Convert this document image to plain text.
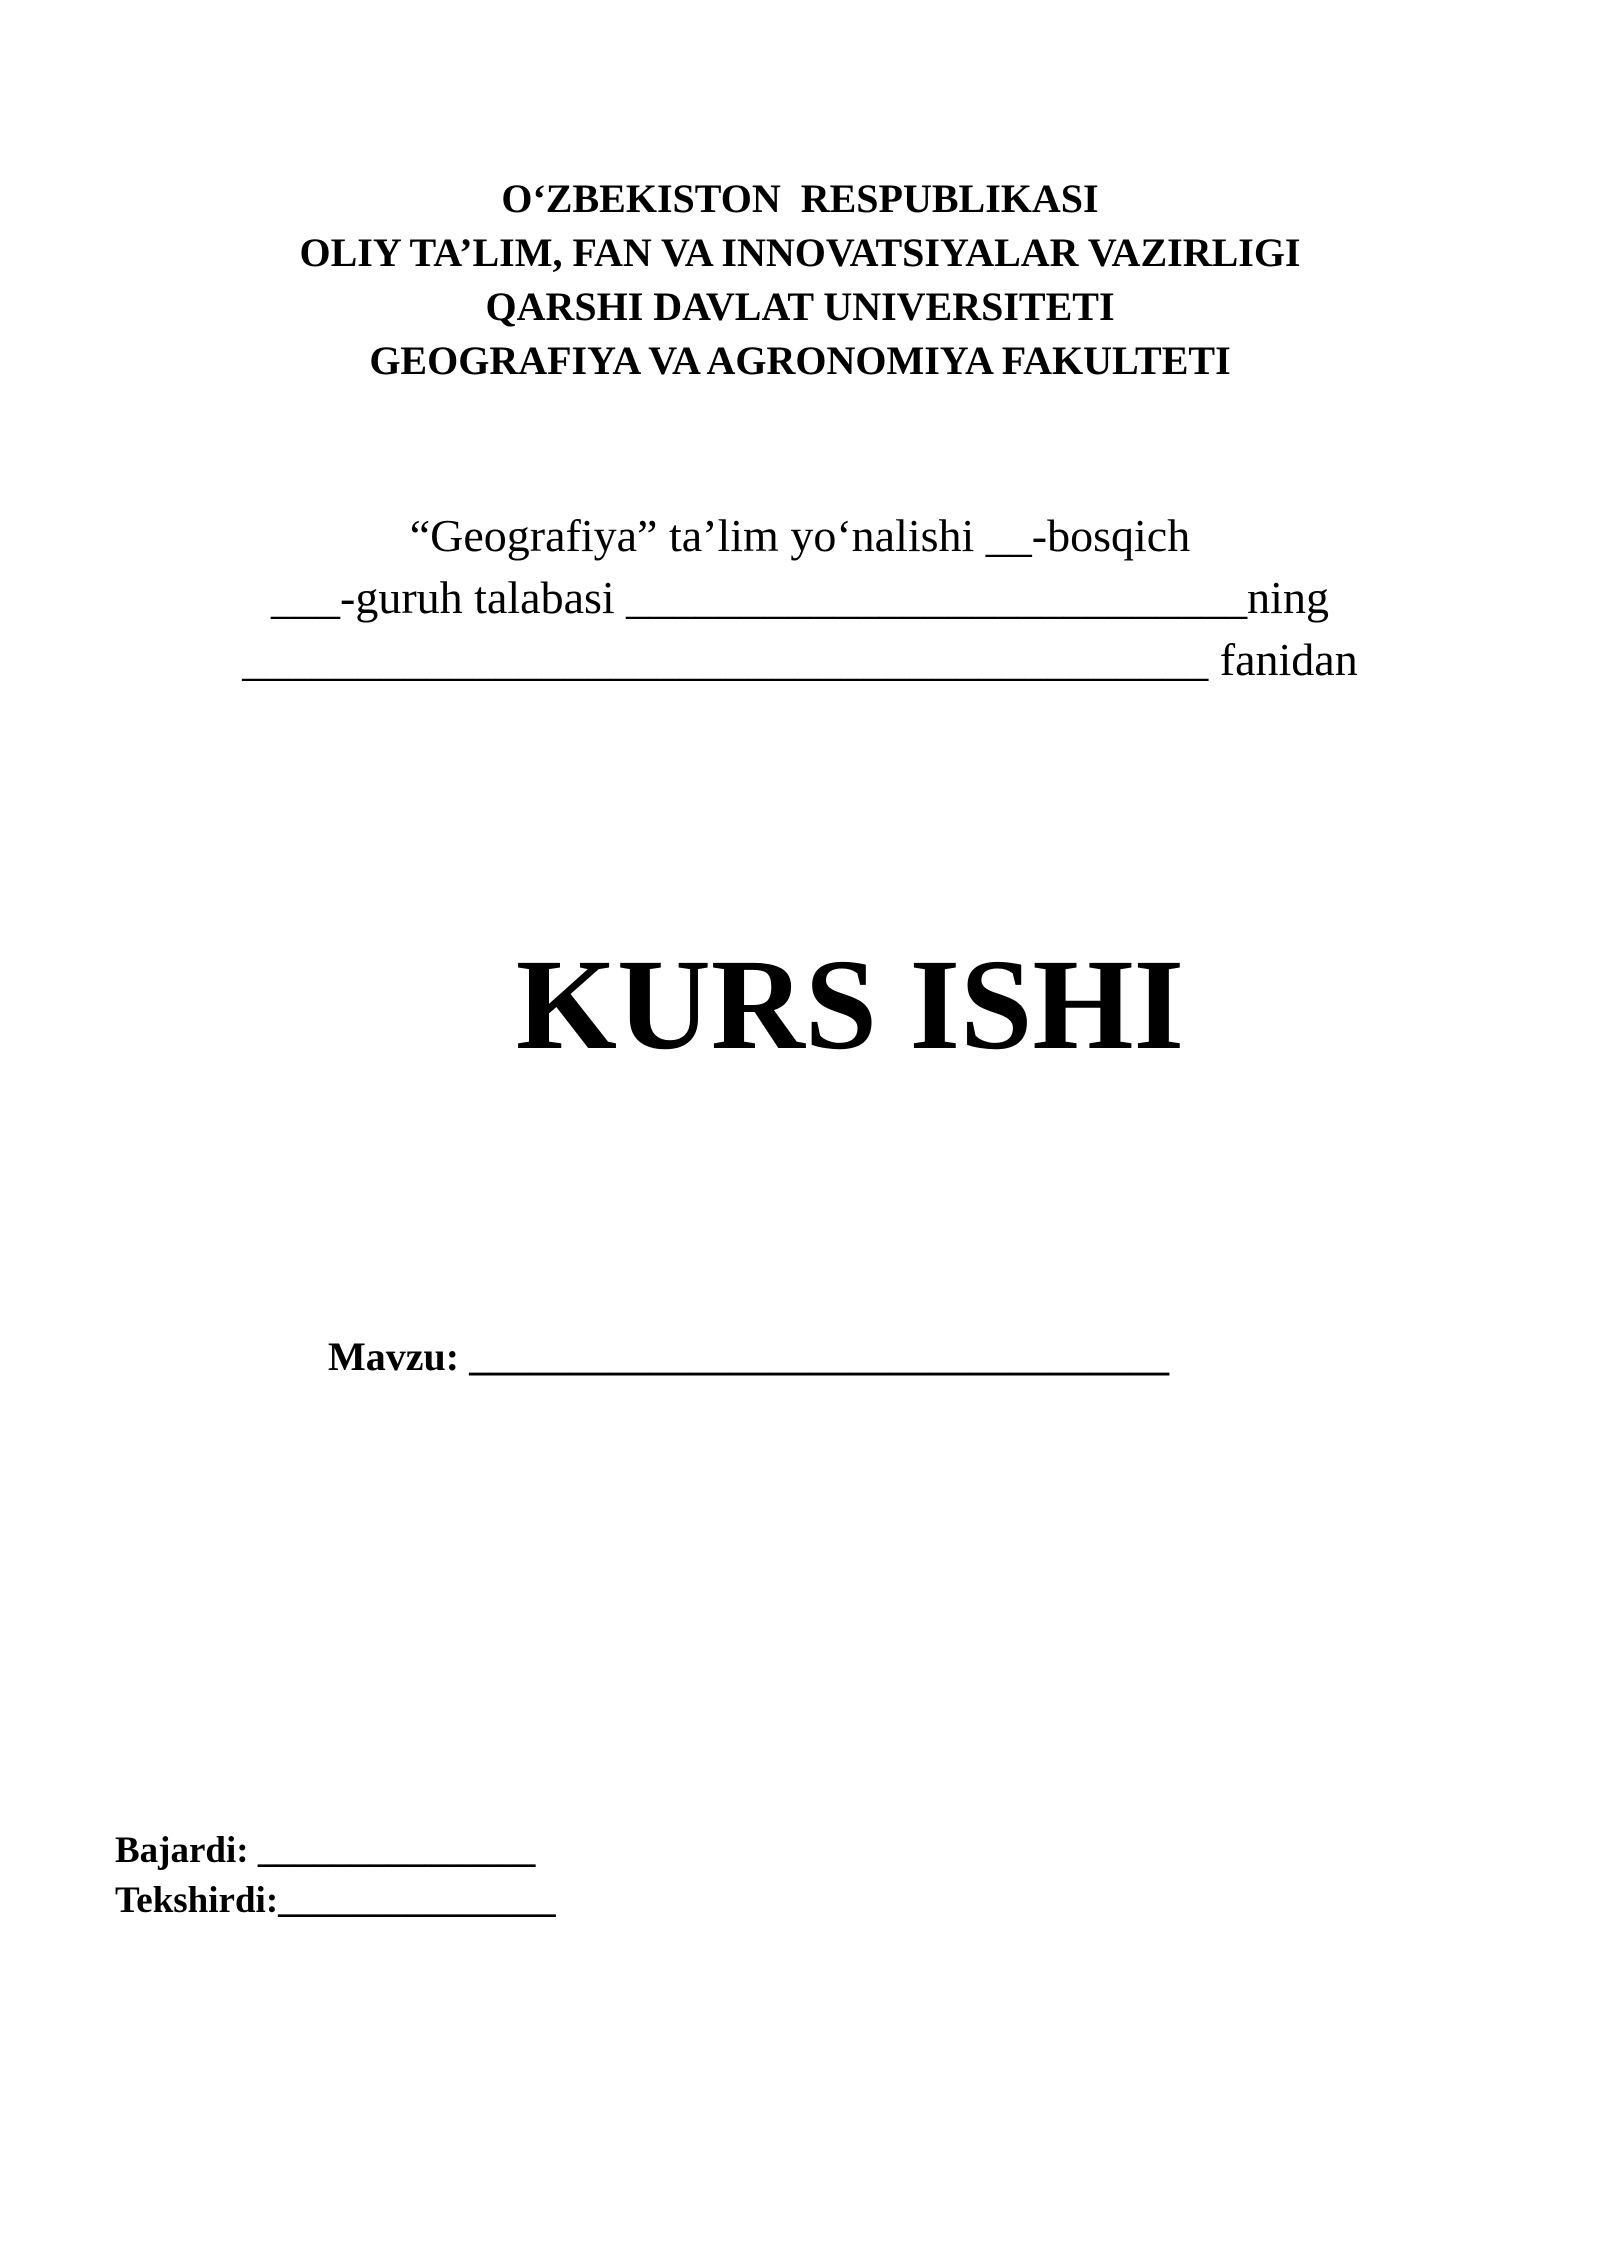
O‘ZBEKISTON  RESPUBLIKASI
OLIY TA’LIM, FAN VA INNOVATSIYALAR VAZIRLIGI
QARSHI DAVLAT UNIVERSITETI
GEOGRAFIYA VA AGRONOMIYA FAKULTETI
“Geografiya” ta’lim yo‘nalishi __-bosqich
___-guruh talabasi ___________________________ning
__________________________________________ fanidan
KURS ISHI
Mavzu: ___________________________________
Bajardi: _______________
Tekshirdi:_______________
